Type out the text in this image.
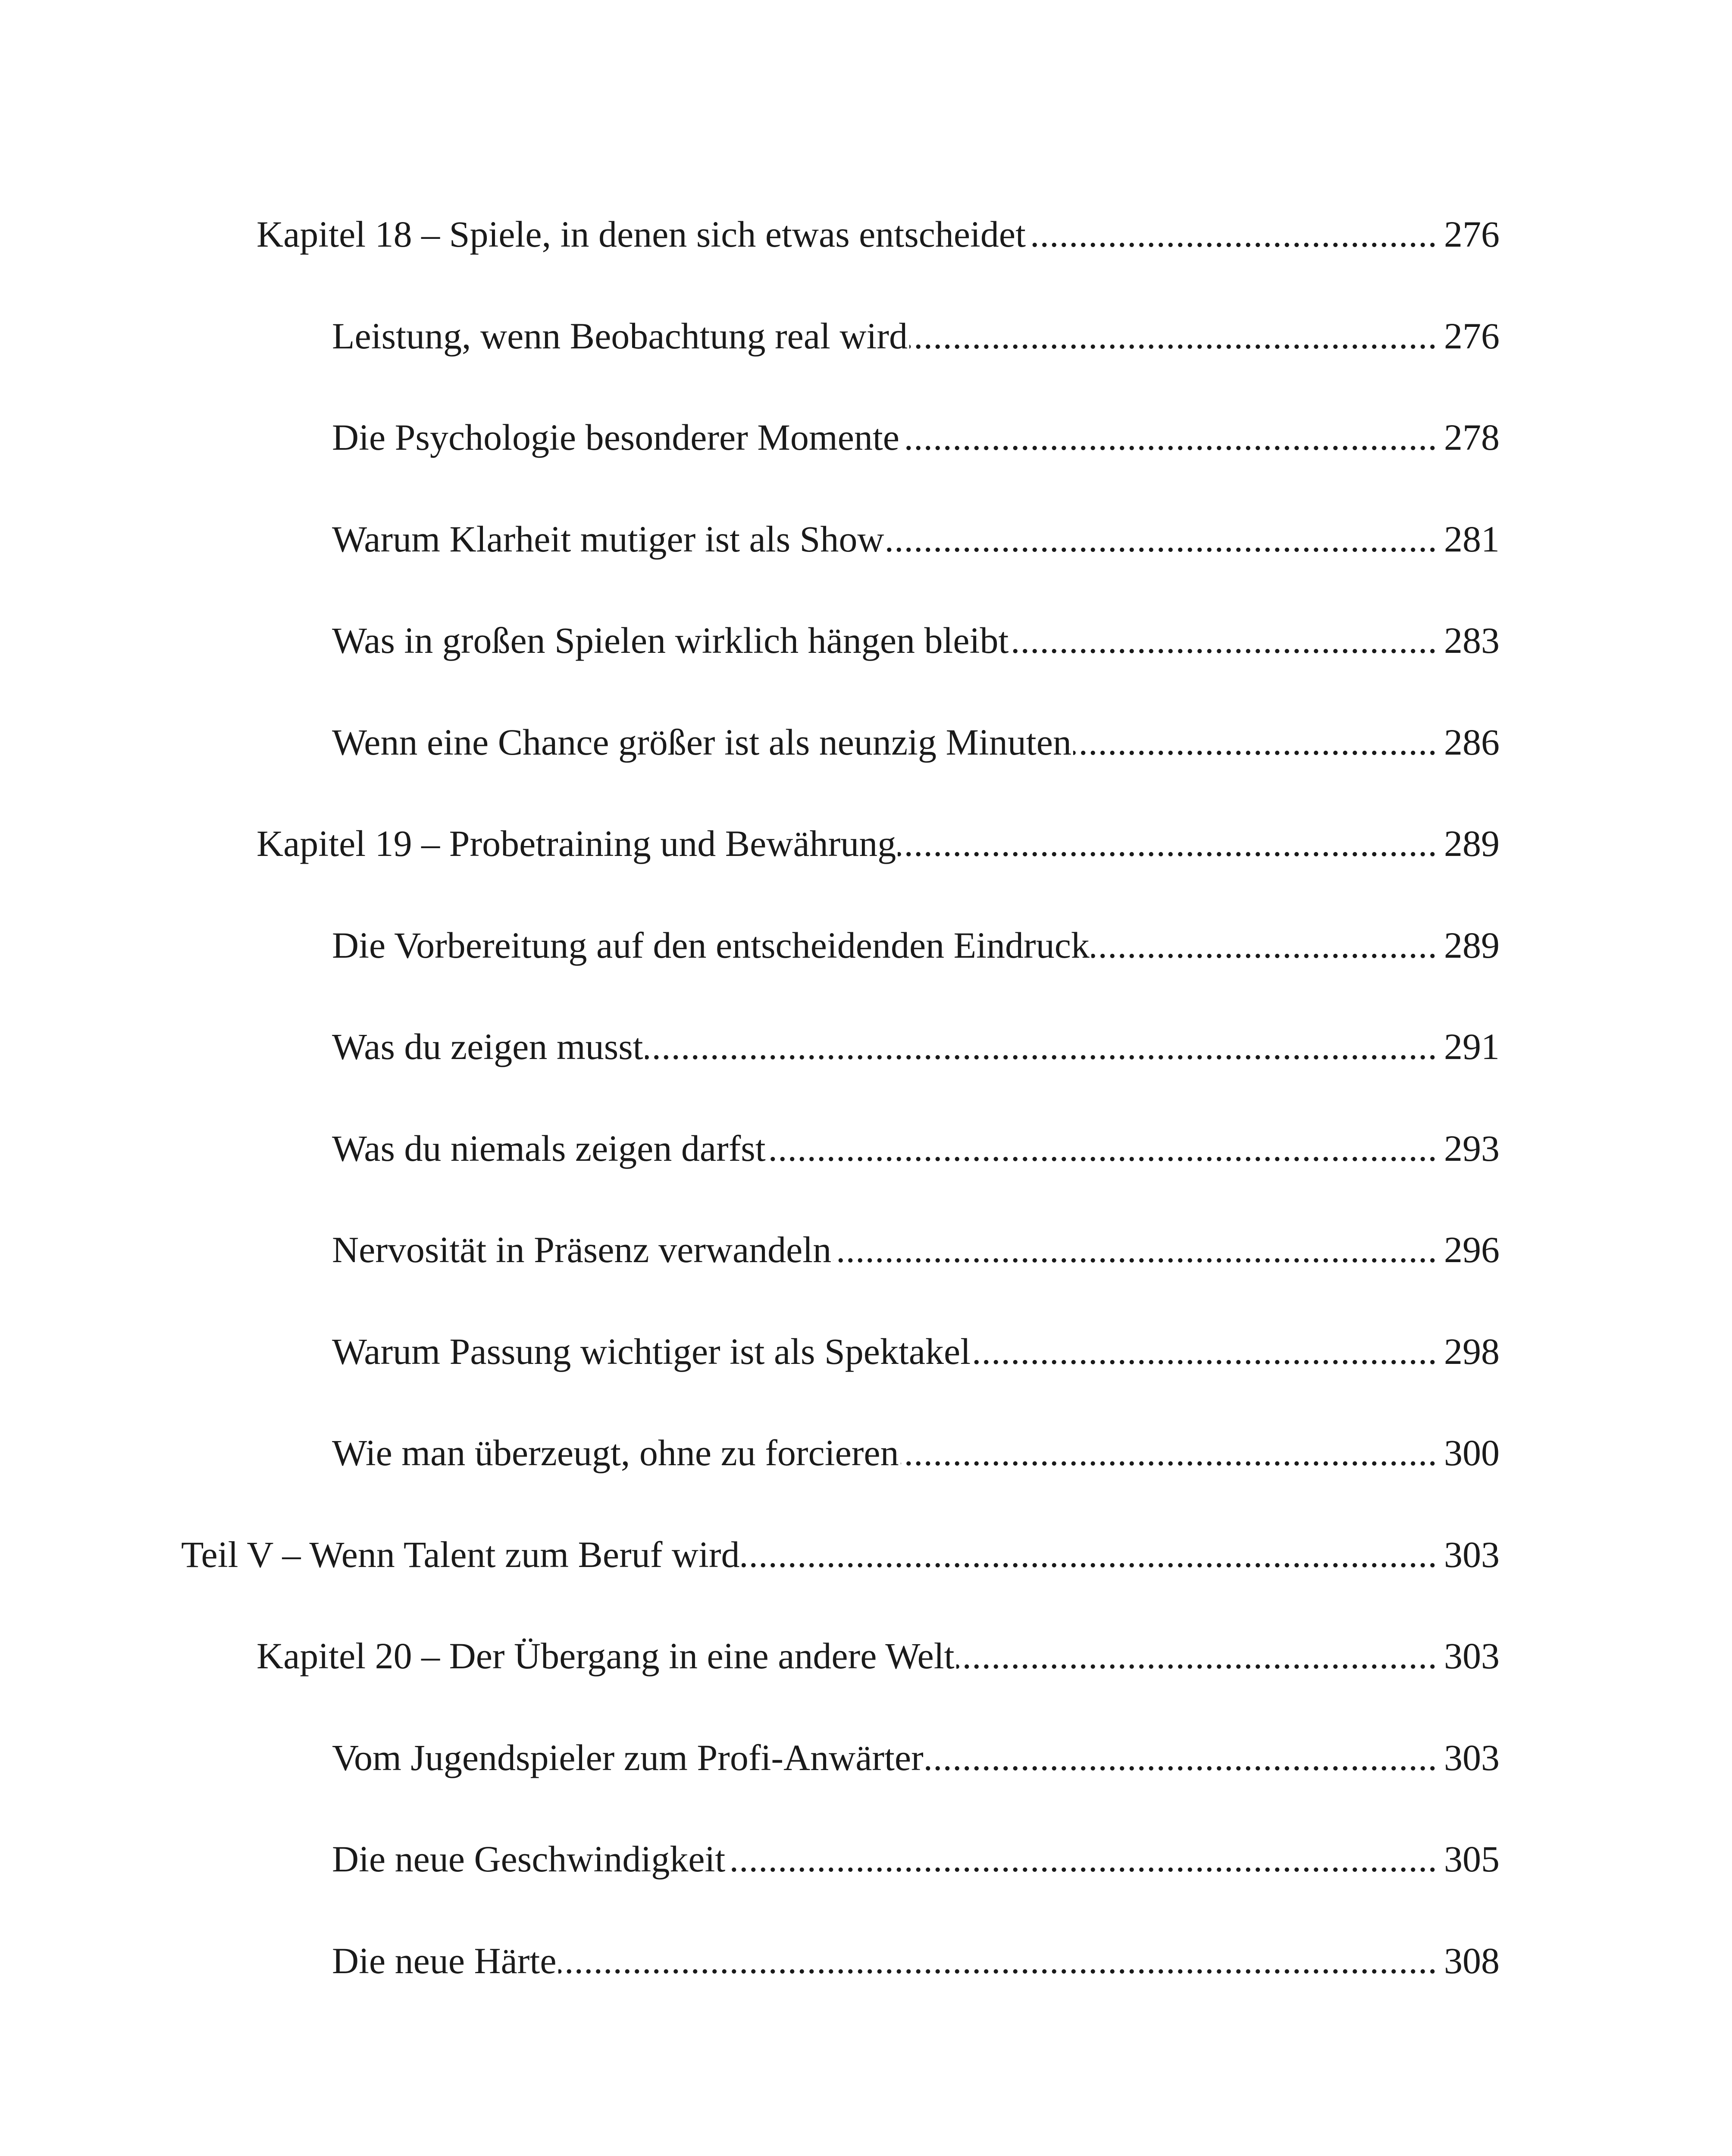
Kapitel 18 – Spiele, in denen sich etwas entscheidet .....	276
Leistung, wenn Beobachtung real wird .....	276
Die Psychologie besonderer Momente .....	278
Warum Klarheit mutiger ist als Show .....	281
Was in großen Spielen wirklich hängen bleibt .....	283
Wenn eine Chance größer ist als neunzig Minuten .....	286
Kapitel 19 – Probetraining und Bewährung .....	289
Die Vorbereitung auf den entscheidenden Eindruck .....	289
Was du zeigen musst .....	291
Was du niemals zeigen darfst .....	293
Nervosität in Präsenz verwandeln .....	296
Warum Passung wichtiger ist als Spektakel .....	298
Wie man überzeugt, ohne zu forcieren .....	300
Teil V – Wenn Talent zum Beruf wird .....	303
Kapitel 20 – Der Übergang in eine andere Welt .....	303
Vom Jugendspieler zum Profi-Anwärter .....	303
Die neue Geschwindigkeit .....	305
Die neue Härte .....	308
